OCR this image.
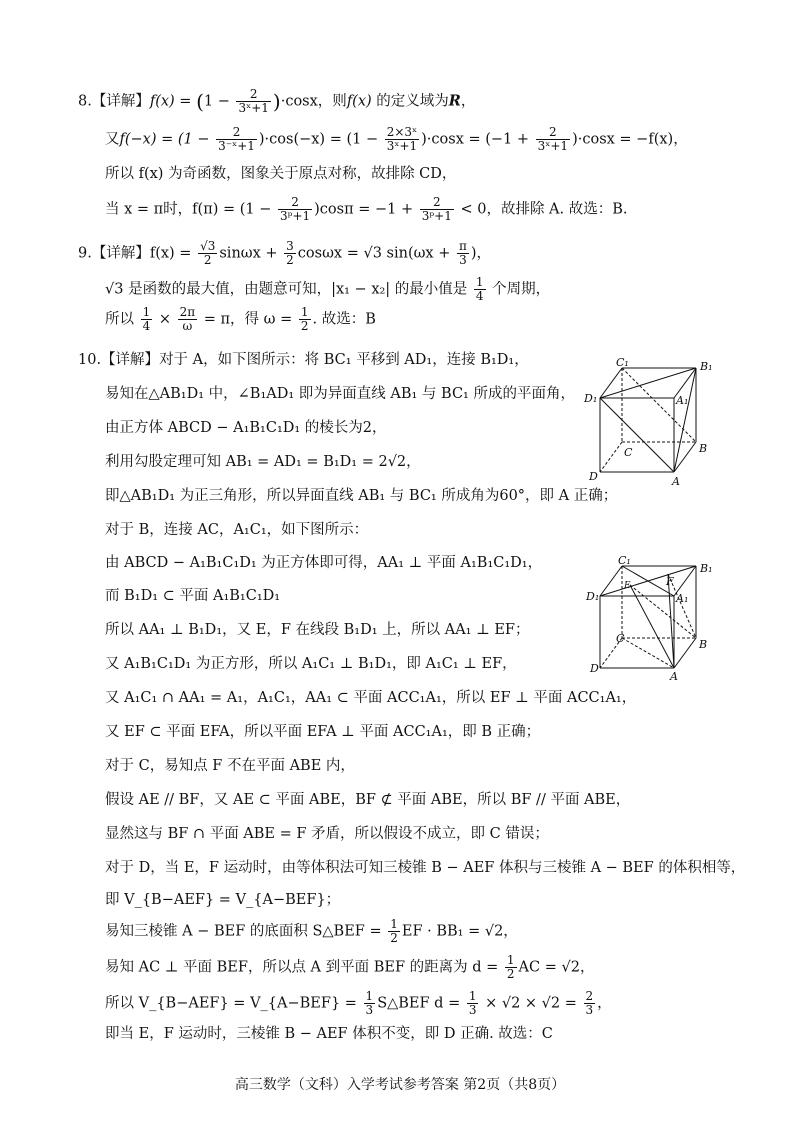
8.【详解】$f(x) = (1 - \frac{2}{\text{3ˣ+1}} )\cdot\cos x$，则f(x) 的定义域为R，
又$f(-x) = (1 - \frac{2}{\text{3⁻ˣ+1}} )\cdot\cos(-x) = (1 - \frac{\text{2×3ˣ}}{\text{3ˣ+1}} )\cdot\cos x = (-1 + \frac{2}{\text{3ˣ+1}} )\cdot\cos x = -f(x)$，
所以 f(x) 为奇函数，图象关于原点对称，故排除 CD，
当 x = π时，$f(\pi) = (1 - \frac{2}{\text{3ᵖ+1}} )\cos\pi = -1 + \frac{2}{\text{3ᵖ+1}} < 0$，故排除 A. 故选：B.
9.【详解】$f(x) = \frac{√3}{2}$ $\sin\omega x + \frac{3}{2}$ cosωx = √3 $\sin(\omega x + \frac{\pi}{3}$ )，
√3 是函数的最大值，由题意可知，|x₁ − x₂| 的最小值是 $\frac{1}{4}$ 个周期，
所以 $\frac{1}{4} \times \frac{2\pi}{\omega} = \pi$，得 $\omega = \frac{1}{2}$ . 故选：B
10.【详解】对于 A，如下图所示：将 BC₁ 平移到 AD₁，连接 B₁D₁，
易知在△AB₁D₁ 中，∠B₁AD₁ 即为异面直线 AB₁ 与 BC₁ 所成的平面角，
由正方体 ABCD − A₁B₁C₁D₁ 的棱长为2，
利用勾股定理可知 AB₁ = AD₁ = B₁D₁ = 2√2，
即△AB₁D₁ 为正三角形，所以异面直线 AB₁ 与 BC₁ 所成角为60°，即 A 正确；
对于 B，连接 AC，A₁C₁，如下图所示：
由 ABCD − A₁B₁C₁D₁ 为正方体即可得，AA₁ ⊥ 平面 A₁B₁C₁D₁，
而 B₁D₁ ⊂ 平面 A₁B₁C₁D₁
所以 AA₁ ⊥ B₁D₁，又 E，F 在线段 B₁D₁ 上，所以 AA₁ ⊥ EF；
又 A₁B₁C₁D₁ 为正方形，所以 A₁C₁ ⊥ B₁D₁，即 A₁C₁ ⊥ EF，
又 A₁C₁ ∩ AA₁ = A₁，A₁C₁，AA₁ ⊂ 平面 ACC₁A₁，所以 EF ⊥ 平面 ACC₁A₁，
又 EF ⊂ 平面 EFA，所以平面 EFA ⊥ 平面 ACC₁A₁，即 B 正确；
对于 C，易知点 F 不在平面 ABE 内，
假设 AE // BF，又 AE ⊂ 平面 ABE，BF ⊄ 平面 ABE，所以 BF // 平面 ABE，
显然这与 BF ∩ 平面 ABE = F 矛盾，所以假设不成立，即 C 错误；
对于 D，当 E，F 运动时，由等体积法可知三棱锥 B − AEF 体积与三棱锥 A − BEF 的体积相等，
即 V_{B−AEF} = V_{A−BEF}；
易知三棱锥 A − BEF 的底面积 S△BEF = $\frac{1}{2}$ EF · BB₁ = √2，
易知 AC ⊥ 平面 BEF，所以点 A 到平面 BEF 的距离为 $d = \frac{1}{2}$ AC = √2，
所以 V_{B−AEF} = V_{A−BEF} = $\frac{1}{3}$ S△BEF $d = \frac{1}{3} \times √2 \times √2 = \frac{2}{3}$ ，
即当 E，F 运动时，三棱锥 B − AEF 体积不变，即 D 正确. 故选：C
C₁	B₁
D₁	A₁
C	B
D	A
C₁
B₁
D₁	A₁
E	F
C	B
D
A
高三数学（文科）入学考试参考答案 第2页（共8页）
